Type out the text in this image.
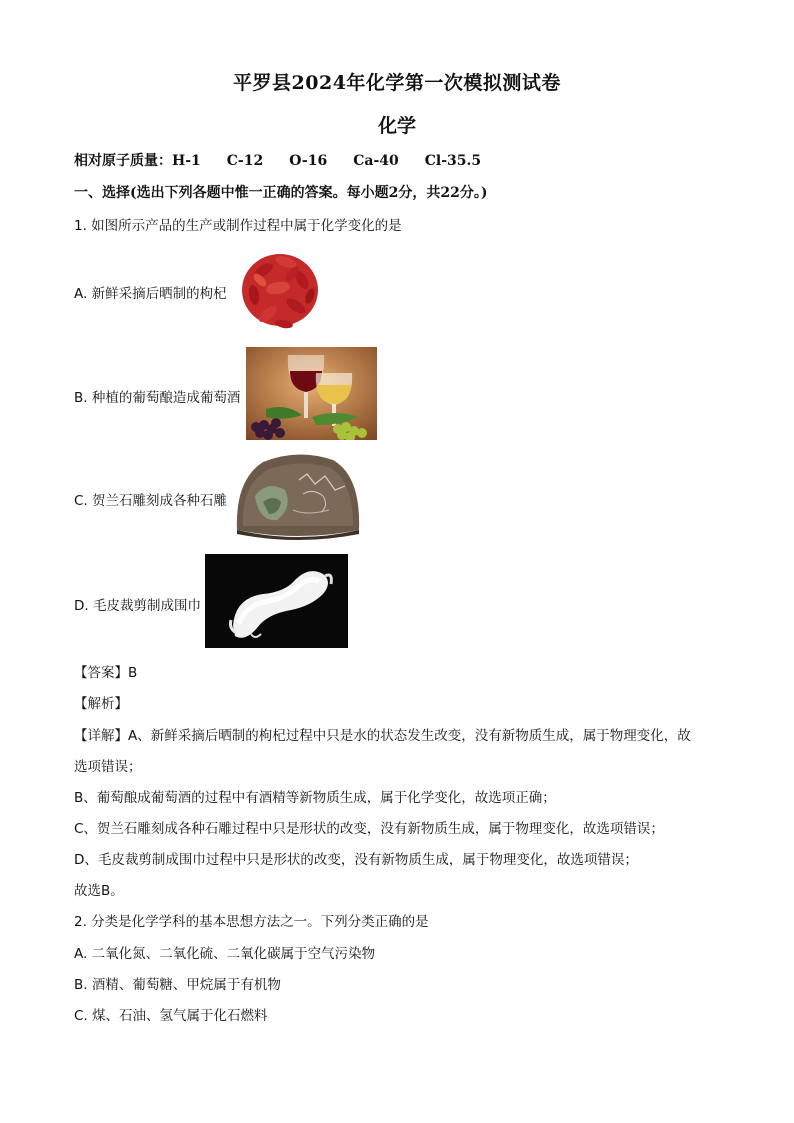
平罗县2024年化学第一次模拟测试卷
化学
相对原子质量：H-1 C-12 O-16 Ca-40 Cl-35.5
一、选择(选出下列各题中惟一正确的答案。每小题2分，共22分。)
1. 如图所示产品的生产或制作过程中属于化学变化的是
A. 新鲜采摘后晒制的枸杞
B. 种植的葡萄酿造成葡萄酒
C. 贺兰石雕刻成各种石雕
D. 毛皮裁剪制成围巾
【答案】B
【解析】
【详解】A、新鲜采摘后晒制的枸杞过程中只是水的状态发生改变，没有新物质生成，属于物理变化，故
选项错误；
B、葡萄酿成葡萄酒的过程中有酒精等新物质生成，属于化学变化，故选项正确；
C、贺兰石雕刻成各种石雕过程中只是形状的改变，没有新物质生成，属于物理变化，故选项错误；
D、毛皮裁剪制成围巾过程中只是形状的改变，没有新物质生成，属于物理变化，故选项错误；
故选B。
2. 分类是化学学科的基本思想方法之一。下列分类正确的是
A. 二氧化氮、二氧化硫、二氧化碳属于空气污染物
B. 酒精、葡萄糖、甲烷属于有机物
C. 煤、石油、氢气属于化石燃料
